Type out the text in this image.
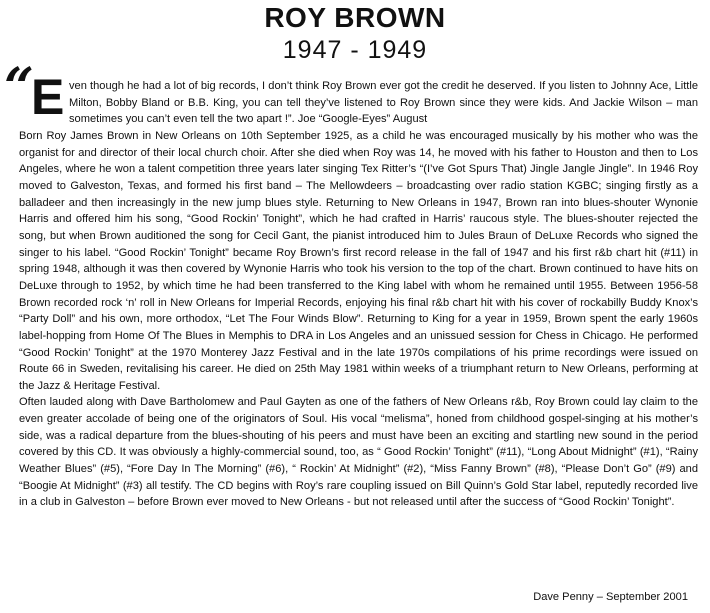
ROY BROWN
1947 - 1949
“
E ven though he had a lot of big records, I don’t think Roy Brown ever got the credit he deserved. If you listen to Johnny Ace, Little Milton, Bobby Bland or B.B. King, you can tell they’ve listened to Roy Brown since they were kids. And Jackie Wilson – man sometimes you can’t even tell the two apart !”. Joe “Google-Eyes” August

Born Roy James Brown in New Orleans on 10th September 1925, as a child he was encouraged musically by his mother who was the organist for and director of their local church choir. After she died when Roy was 14, he moved with his father to Houston and then to Los Angeles, where he won a talent competition three years later singing Tex Ritter’s “(I’ve Got Spurs That) Jingle Jangle Jingle”. In 1946 Roy moved to Galveston, Texas, and formed his first band – The Mellowdeers – broadcasting over radio station KGBC; singing firstly as a balladeer and then increasingly in the new jump blues style. Returning to New Orleans in 1947, Brown ran into blues-shouter Wynonie Harris and offered him his song, “Good Rockin’ Tonight”, which he had crafted in Harris’ raucous style. The blues-shouter rejected the song, but when Brown auditioned the song for Cecil Gant, the pianist introduced him to Jules Braun of DeLuxe Records who signed the singer to his label. “Good Rockin’ Tonight” became Roy Brown’s first record release in the fall of 1947 and his first r&b chart hit (#11) in spring 1948, although it was then covered by Wynonie Harris who took his version to the top of the chart. Brown continued to have hits on DeLuxe through to 1952, by which time he had been transferred to the King label with whom he remained until 1955. Between 1956-58 Brown recorded rock ‘n’ roll in New Orleans for Imperial Records, enjoying his final r&b chart hit with his cover of rockabilly Buddy Knox’s “Party Doll” and his own, more orthodox, “Let The Four Winds Blow”. Returning to King for a year in 1959, Brown spent the early 1960s label-hopping from Home Of The Blues in Memphis to DRA in Los Angeles and an unissued session for Chess in Chicago. He performed “Good Rockin’ Tonight” at the 1970 Monterey Jazz Festival and in the late 1970s compilations of his prime recordings were issued on Route 66 in Sweden, revitalising his career. He died on 25th May 1981 within weeks of a triumphant return to New Orleans, performing at the Jazz & Heritage Festival.

Often lauded along with Dave Bartholomew and Paul Gayten as one of the fathers of New Orleans r&b, Roy Brown could lay claim to the even greater accolade of being one of the originators of Soul. His vocal “melisma”, honed from childhood gospel-singing at his mother’s side, was a radical departure from the blues-shouting of his peers and must have been an exciting and startling new sound in the period covered by this CD. It was obviously a highly-commercial sound, too, as “ Good Rockin’ Tonight” (#11), “Long About Midnight” (#1), “Rainy Weather Blues” (#5), “Fore Day In The Morning” (#6), “ Rockin’ At Midnight” (#2), “Miss Fanny Brown” (#8), “Please Don’t Go” (#9) and “Boogie At Midnight” (#3) all testify. The CD begins with Roy’s rare coupling issued on Bill Quinn’s Gold Star label, reputedly recorded live in a club in Galveston – before Brown ever moved to New Orleans - but not released until after the success of “Good Rockin’ Tonight”.

Dave Penny – September 2001
